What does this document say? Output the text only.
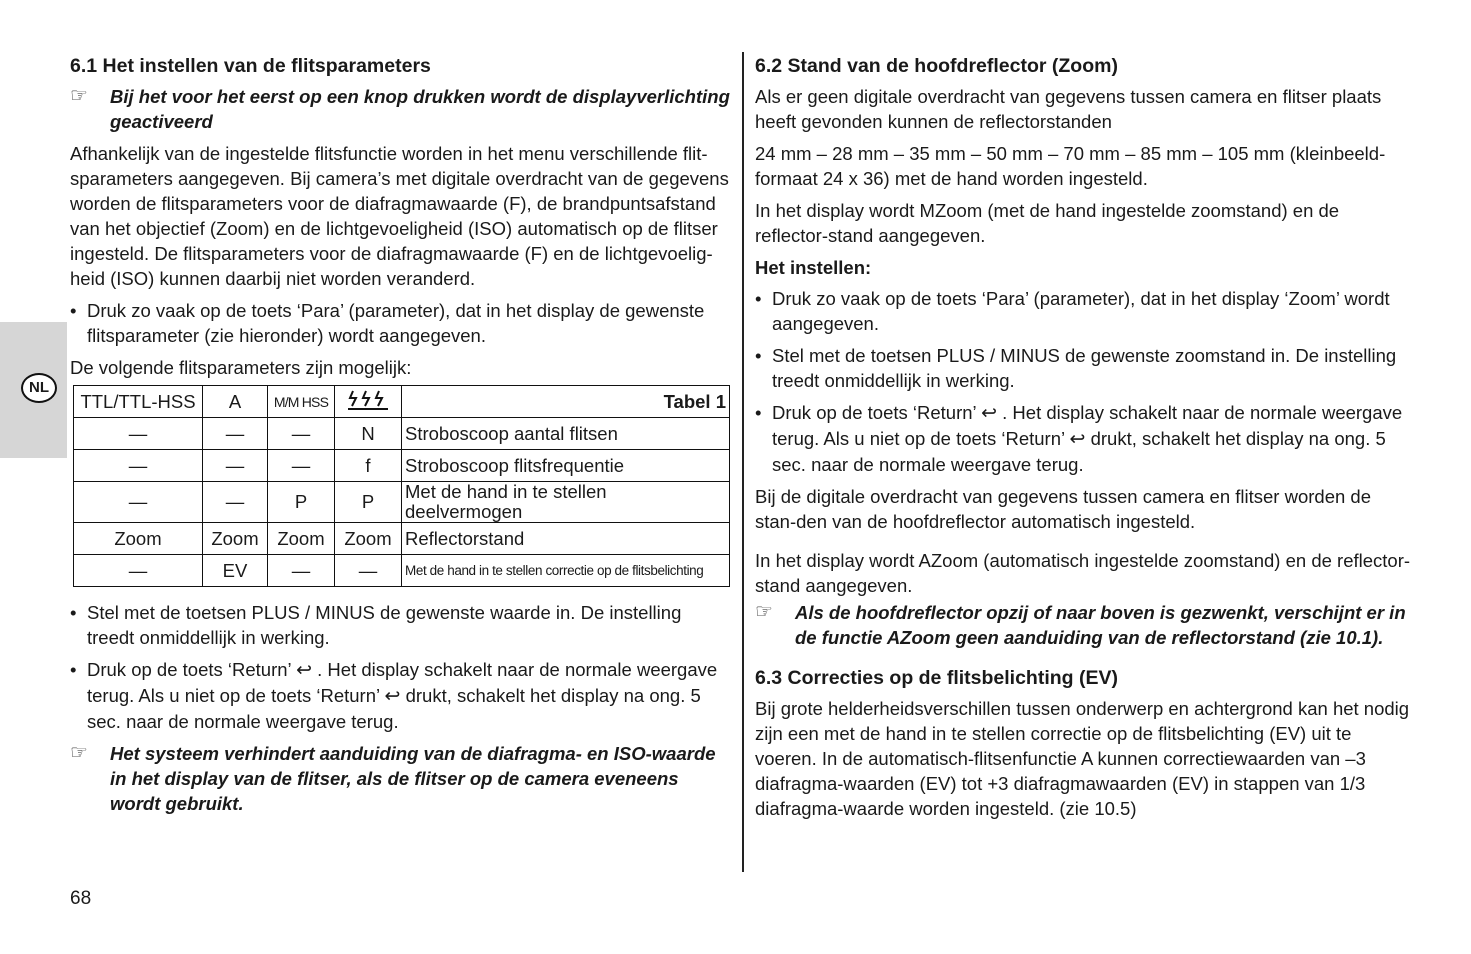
NL
6.1 Het instellen van de flitsparameters
☞ Bij het voor het eerst op een knop drukken wordt de displayverlichting geactiveerd

Afhankelijk van de ingestelde flitsfunctie worden in het menu verschillende flit-sparameters aangegeven. Bij camera’s met digitale overdracht van de gegevens worden de flitsparameters voor de diafragmawaarde (F), de brandpuntsafstand van het objectief (Zoom) en de lichtgevoeligheid (ISO) automatisch op de flitser ingesteld. De flitsparameters voor de diafragmawaarde (F) en de lichtgevoelig-heid (ISO) kunnen daarbij niet worden veranderd.

• Druk zo vaak op de toets ‘Para’ (parameter), dat in het display de gewenste flitsparameter (zie hieronder) wordt aangegeven.

De volgende flitsparameters zijn mogelijk:

TTL/TTL-HSS	A	M/M HSS		Tabel 1
—	—	—	N	Stroboscoop aantal flitsen
—	—	—	f	Stroboscoop flitsfrequentie
—	—	P	P	Met de hand in te stellen deelvermogen
Zoom	Zoom	Zoom	Zoom	Reflectorstand
—	EV	—	—	Met de hand in te stellen correctie op de flitsbelichting
• Stel met de toetsen PLUS / MINUS de gewenste waarde in. De instelling treedt onmiddellijk in werking.
• Druk op de toets ‘Return’ ↩ . Het display schakelt naar de normale weergave terug. Als u niet op de toets ‘Return’ ↩ drukt, schakelt het display na ong. 5 sec. naar de normale weergave terug.
☞ Het systeem verhindert aanduiding van de diafragma- en ISO-waarde in het display van de flitser, als de flitser op de camera eveneens wordt gebruikt.
6.2 Stand van de hoofdreflector (Zoom)

Als er geen digitale overdracht van gegevens tussen camera en flitser plaats heeft gevonden kunnen de reflectorstanden

24 mm – 28 mm – 35 mm – 50 mm – 70 mm – 85 mm – 105 mm (kleinbeeld-formaat 24 x 36) met de hand worden ingesteld.

In het display wordt MZoom (met de hand ingestelde zoomstand) en de reflector-stand aangegeven.

Het instellen:
• Druk zo vaak op de toets ‘Para’ (parameter), dat in het display ‘Zoom’ wordt aangegeven.
• Stel met de toetsen PLUS / MINUS de gewenste zoomstand in. De instelling treedt onmiddellijk in werking.
• Druk op de toets ‘Return’ ↩ . Het display schakelt naar de normale weergave terug. Als u niet op de toets ‘Return’ ↩ drukt, schakelt het display na ong. 5 sec. naar de normale weergave terug.

Bij de digitale overdracht van gegevens tussen camera en flitser worden de stan-den van de hoofdreflector automatisch ingesteld.

In het display wordt AZoom (automatisch ingestelde zoomstand) en de reflector-stand aangegeven.

☞ Als de hoofdreflector opzij of naar boven is gezwenkt, verschijnt er in de functie AZoom geen aanduiding van de reflectorstand (zie 10.1).
6.3 Correcties op de flitsbelichting (EV)

Bij grote helderheidsverschillen tussen onderwerp en achtergrond kan het nodig zijn een met de hand in te stellen correctie op de flitsbelichting (EV) uit te voeren. In de automatisch-flitsenfunctie A kunnen correctiewaarden van –3 diafragma-waarden (EV) tot +3 diafragmawaarden (EV) in stappen van 1/3 diafragma-waarde worden ingesteld. (zie 10.5)

68
